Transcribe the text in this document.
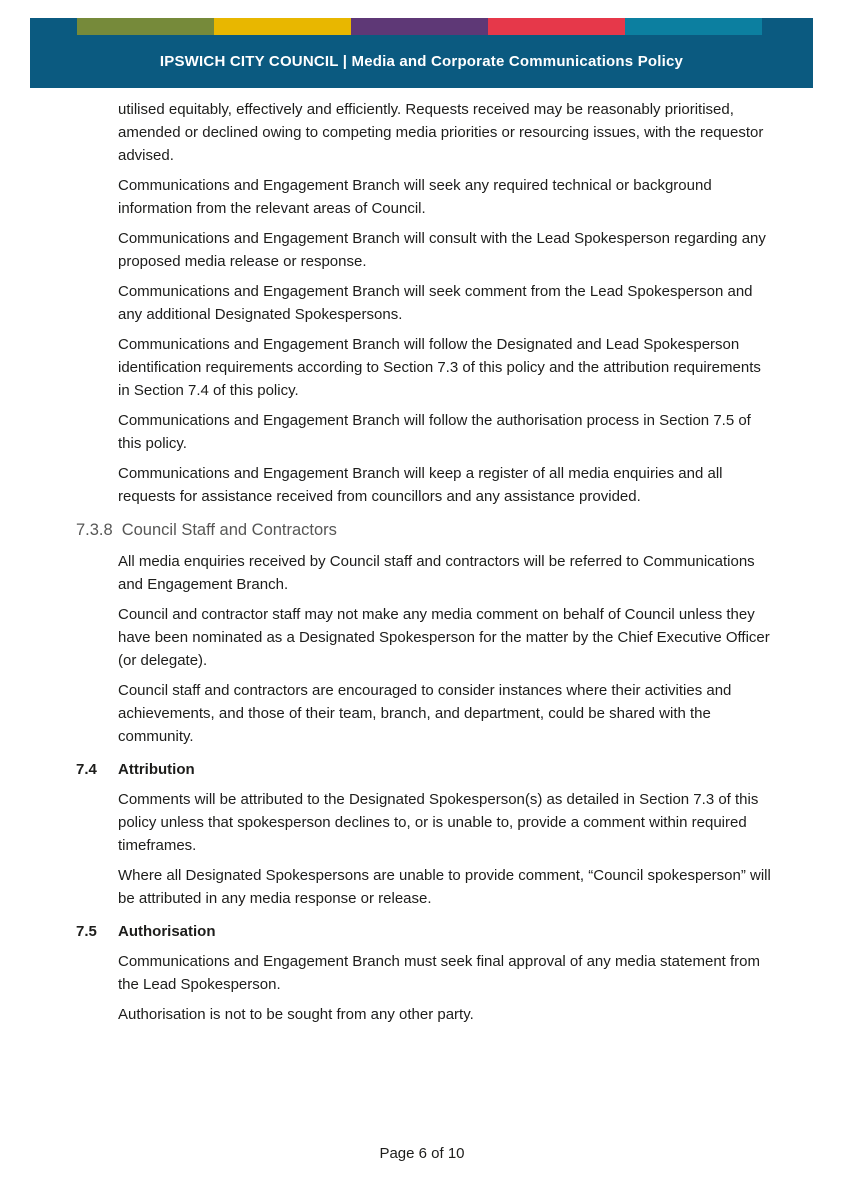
IPSWICH CITY COUNCIL | Media and Corporate Communications Policy

utilised equitably, effectively and efficiently. Requests received may be reasonably prioritised, amended or declined owing to competing media priorities or resourcing issues, with the requestor advised.

Communications and Engagement Branch will seek any required technical or background information from the relevant areas of Council.

Communications and Engagement Branch will consult with the Lead Spokesperson regarding any proposed media release or response.

Communications and Engagement Branch will seek comment from the Lead Spokesperson and any additional Designated Spokespersons.

Communications and Engagement Branch will follow the Designated and Lead Spokesperson identification requirements according to Section 7.3 of this policy and the attribution requirements in Section 7.4 of this policy.

Communications and Engagement Branch will follow the authorisation process in Section 7.5 of this policy.

Communications and Engagement Branch will keep a register of all media enquiries and all requests for assistance received from councillors and any assistance provided.

7.3.8 Council Staff and Contractors

All media enquiries received by Council staff and contractors will be referred to Communications and Engagement Branch.

Council and contractor staff may not make any media comment on behalf of Council unless they have been nominated as a Designated Spokesperson for the matter by the Chief Executive Officer (or delegate).

Council staff and contractors are encouraged to consider instances where their activities and achievements, and those of their team, branch, and department, could be shared with the community.

7.4	Attribution

Comments will be attributed to the Designated Spokesperson(s) as detailed in Section 7.3 of this policy unless that spokesperson declines to, or is unable to, provide a comment within required timeframes.

Where all Designated Spokespersons are unable to provide comment, “Council spokesperson” will be attributed in any media response or release.

7.5	Authorisation

Communications and Engagement Branch must seek final approval of any media statement from the Lead Spokesperson.

Authorisation is not to be sought from any other party.

Page 6 of 10
